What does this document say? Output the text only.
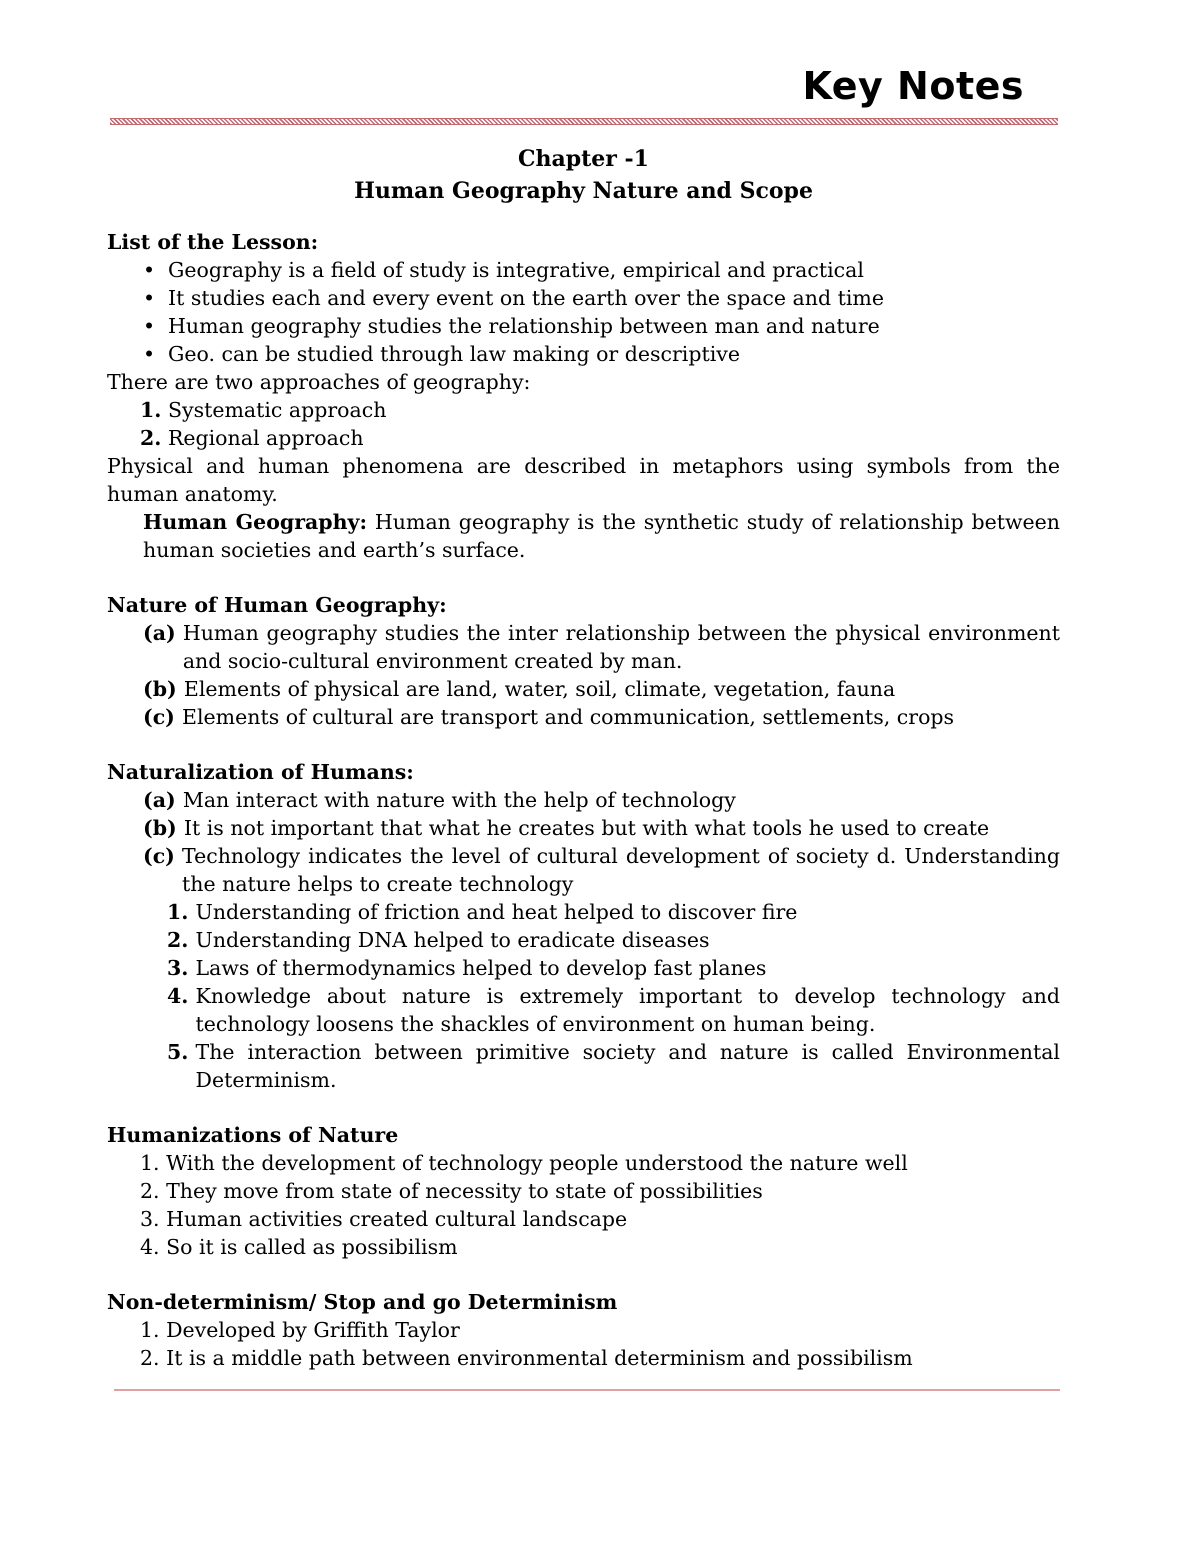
Key Notes
Chapter -1
Human Geography Nature and Scope
List of the Lesson:
• Geography is a field of study is integrative, empirical and practical
• It studies each and every event on the earth over the space and time
• Human geography studies the relationship between man and nature
• Geo. can be studied through law making or descriptive
There are two approaches of geography:
1.
Systematic approach
2.
Regional approach
Physical and human phenomena are described in metaphors using symbols from the human anatomy.
Human Geography: Human geography is the synthetic study of relationship between human societies and earth’s surface.
Nature of Human Geography:
(a)
Human geography studies the inter relationship between the physical environment and socio-cultural environment created by man.
(b)
Elements of physical are land, water, soil, climate, vegetation, fauna
(c)
Elements of cultural are transport and communication, settlements, crops
Naturalization of Humans:
(a)
Man interact with nature with the help of technology
(b)
It is not important that what he creates but with what tools he used to create
(c)
Technology indicates the level of cultural development of society d. Understanding the nature helps to create technology
1.
Understanding of friction and heat helped to discover fire
2.
Understanding DNA helped to eradicate diseases
3.
Laws of thermodynamics helped to develop fast planes
4.
Knowledge about nature is extremely important to develop technology and technology loosens the shackles of environment on human being.
5.
The interaction between primitive society and nature is called Environmental Determinism.
Humanizations of Nature
1.
With the development of technology people understood the nature well
2.
They move from state of necessity to state of possibilities
3.
Human activities created cultural landscape
4.
So it is called as possibilism
Non-determinism/ Stop and go Determinism
1.
Developed by Griffith Taylor
2.
It is a middle path between environmental determinism and possibilism
